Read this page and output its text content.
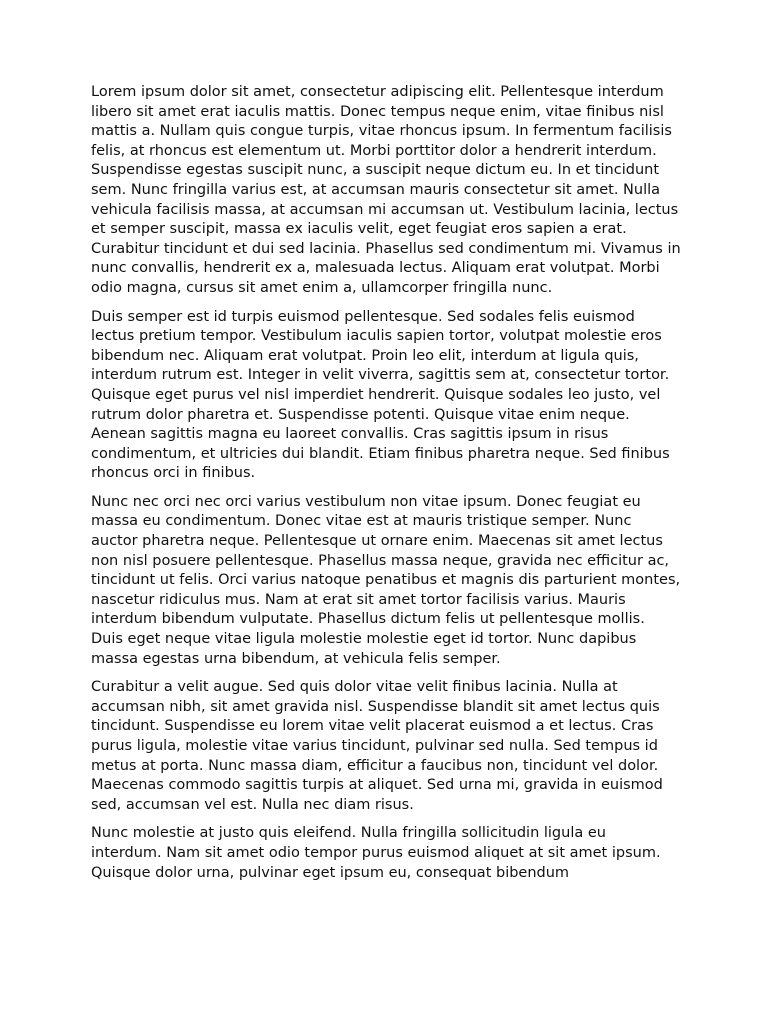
Lorem ipsum dolor sit amet, consectetur adipiscing elit. Pellentesque interdum libero sit amet erat iaculis mattis. Donec tempus neque enim, vitae finibus nisl mattis a. Nullam quis congue turpis, vitae rhoncus ipsum. In fermentum facilisis felis, at rhoncus est elementum ut. Morbi porttitor dolor a hendrerit interdum. Suspendisse egestas suscipit nunc, a suscipit neque dictum eu. In et tincidunt sem. Nunc fringilla varius est, at accumsan mauris consectetur sit amet. Nulla vehicula facilisis massa, at accumsan mi accumsan ut. Vestibulum lacinia, lectus et semper suscipit, massa ex iaculis velit, eget feugiat eros sapien a erat. Curabitur tincidunt et dui sed lacinia. Phasellus sed condimentum mi. Vivamus in nunc convallis, hendrerit ex a, malesuada lectus. Aliquam erat volutpat. Morbi odio magna, cursus sit amet enim a, ullamcorper fringilla nunc.

Duis semper est id turpis euismod pellentesque. Sed sodales felis euismod lectus pretium tempor. Vestibulum iaculis sapien tortor, volutpat molestie eros bibendum nec. Aliquam erat volutpat. Proin leo elit, interdum at ligula quis, interdum rutrum est. Integer in velit viverra, sagittis sem at, consectetur tortor. Quisque eget purus vel nisl imperdiet hendrerit. Quisque sodales leo justo, vel rutrum dolor pharetra et. Suspendisse potenti. Quisque vitae enim neque. Aenean sagittis magna eu laoreet convallis. Cras sagittis ipsum in risus condimentum, et ultricies dui blandit. Etiam finibus pharetra neque. Sed finibus rhoncus orci in finibus.

Nunc nec orci nec orci varius vestibulum non vitae ipsum. Donec feugiat eu massa eu condimentum. Donec vitae est at mauris tristique semper. Nunc auctor pharetra neque. Pellentesque ut ornare enim. Maecenas sit amet lectus non nisl posuere pellentesque. Phasellus massa neque, gravida nec efficitur ac, tincidunt ut felis. Orci varius natoque penatibus et magnis dis parturient montes, nascetur ridiculus mus. Nam at erat sit amet tortor facilisis varius. Mauris interdum bibendum vulputate. Phasellus dictum felis ut pellentesque mollis. Duis eget neque vitae ligula molestie molestie eget id tortor. Nunc dapibus massa egestas urna bibendum, at vehicula felis semper.

Curabitur a velit augue. Sed quis dolor vitae velit finibus lacinia. Nulla at accumsan nibh, sit amet gravida nisl. Suspendisse blandit sit amet lectus quis tincidunt. Suspendisse eu lorem vitae velit placerat euismod a et lectus. Cras purus ligula, molestie vitae varius tincidunt, pulvinar sed nulla. Sed tempus id metus at porta. Nunc massa diam, efficitur a faucibus non, tincidunt vel dolor. Maecenas commodo sagittis turpis at aliquet. Sed urna mi, gravida in euismod sed, accumsan vel est. Nulla nec diam risus.

Nunc molestie at justo quis eleifend. Nulla fringilla sollicitudin ligula eu interdum. Nam sit amet odio tempor purus euismod aliquet at sit amet ipsum. Quisque dolor urna, pulvinar eget ipsum eu, consequat bibendum
